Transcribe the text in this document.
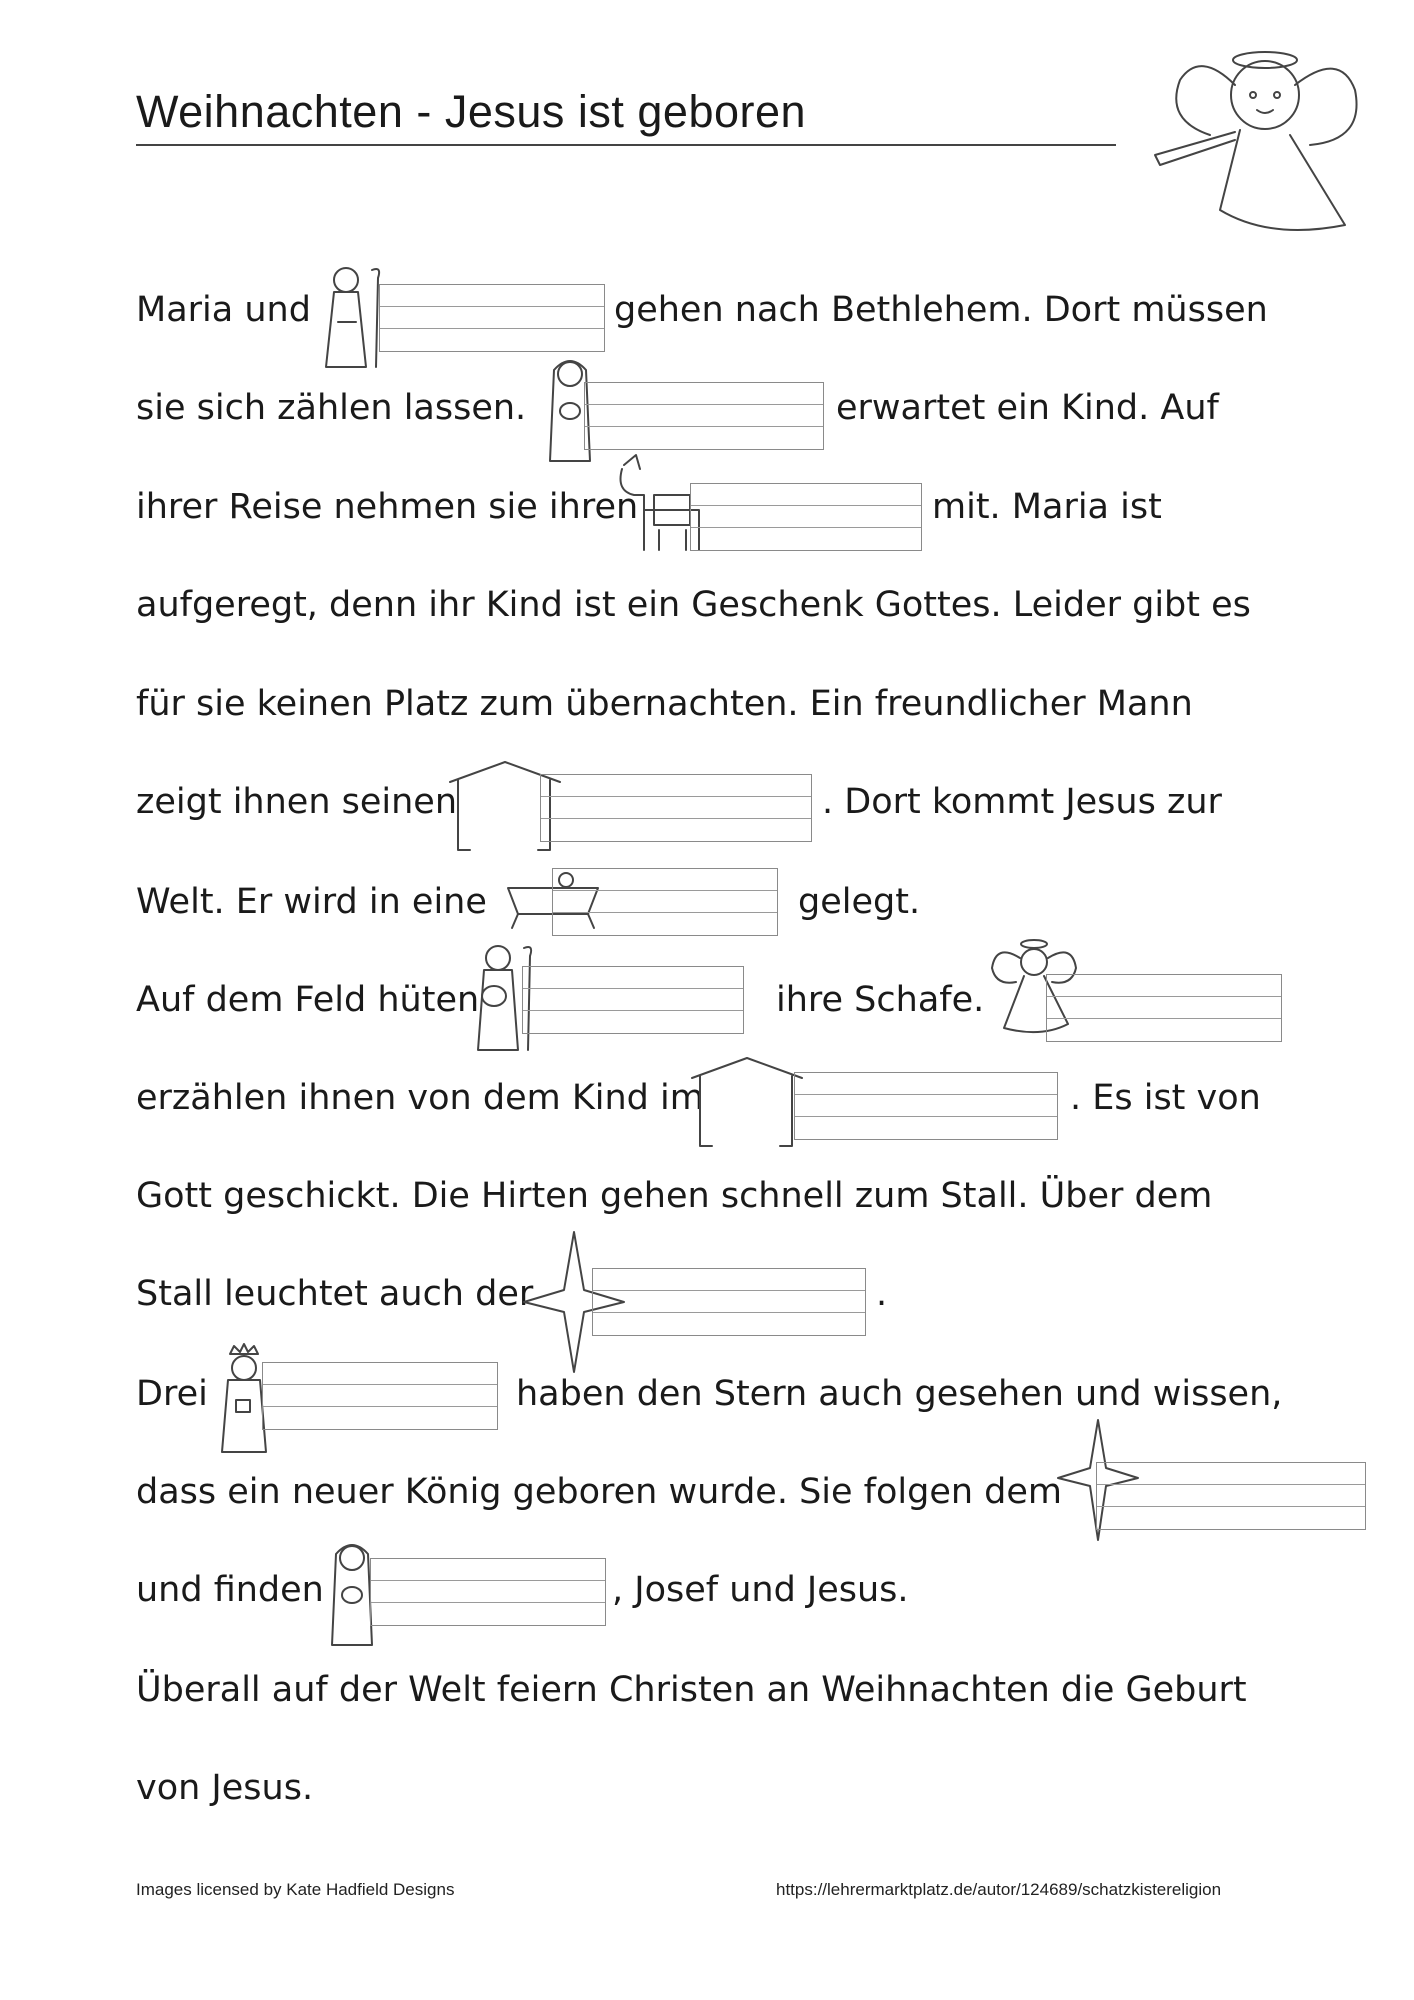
Weihnachten - Jesus ist geboren
Maria und	gehen nach Bethlehem. Dort müssen
sie sich zählen lassen.	erwartet ein Kind. Auf
ihrer Reise nehmen sie ihren	mit. Maria ist
aufgeregt, denn ihr Kind ist ein Geschenk Gottes. Leider gibt es
für sie keinen Platz zum übernachten. Ein freundlicher Mann
zeigt ihnen seinen	. Dort kommt Jesus zur
Welt. Er wird in eine	gelegt.
Auf dem Feld hüten	ihre Schafe.
erzählen ihnen von dem Kind im	. Es ist von
Gott geschickt. Die Hirten gehen schnell zum Stall. Über dem
Stall leuchtet auch der	.
Drei	haben den Stern auch gesehen und wissen,
dass ein neuer König geboren wurde. Sie folgen dem
und finden	, Josef und Jesus.
Überall auf der Welt feiern Christen an Weihnachten die Geburt
von Jesus.
Images licensed by Kate Hadfield Designs	https://lehrermarktplatz.de/autor/124689/schatzkistereligion
